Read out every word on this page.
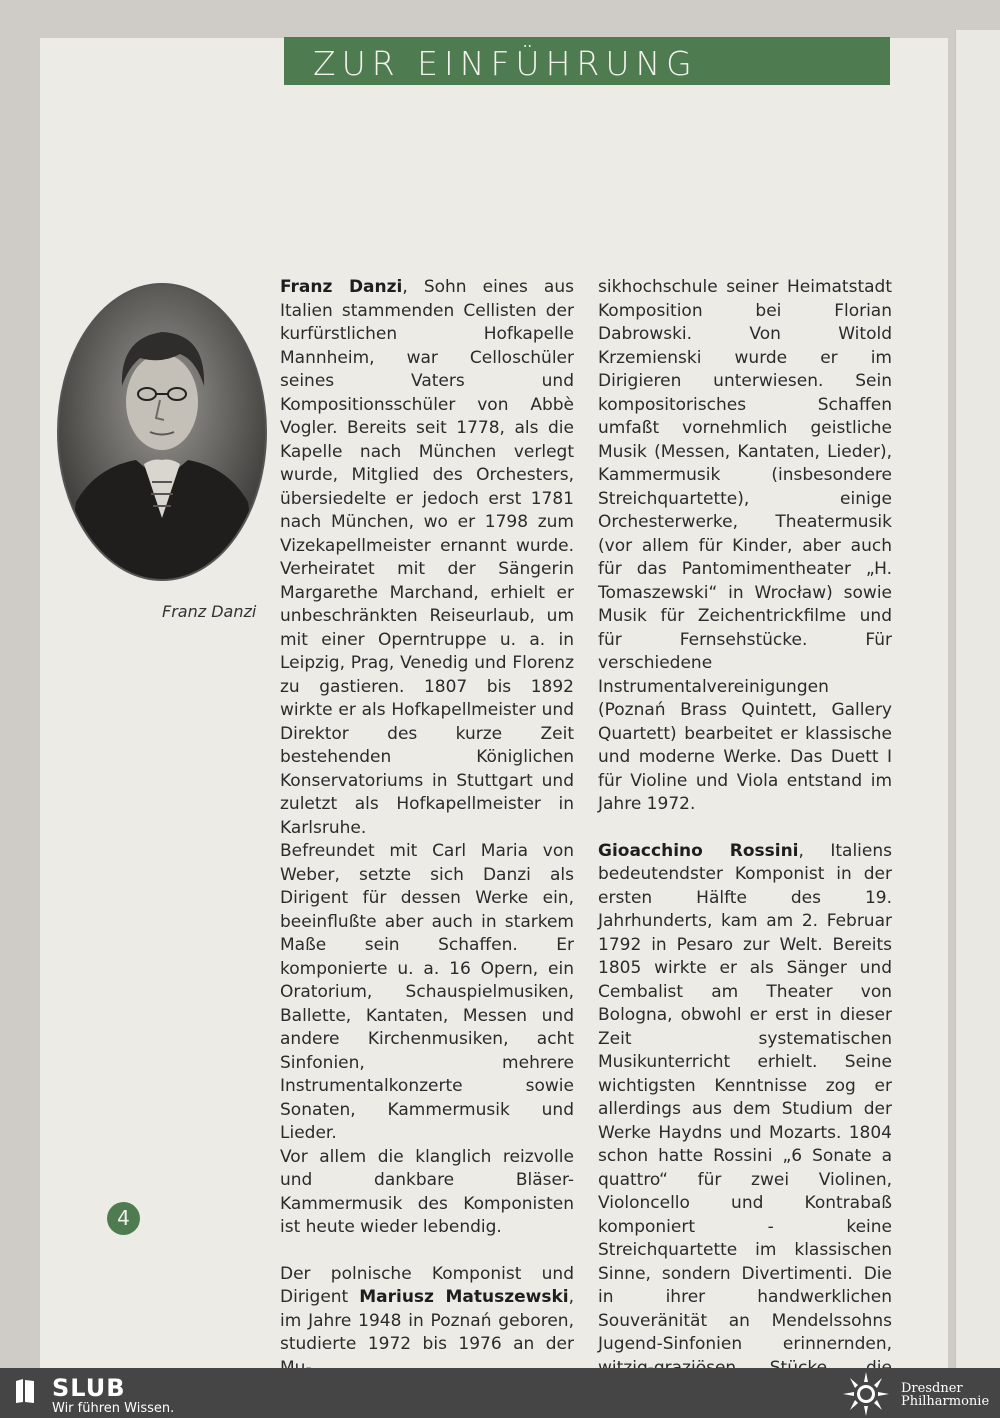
ZUR EINFÜHRUNG
Franz Danzi

Franz Danzi, Sohn eines aus Italien stammenden Cellisten der kurfürstlichen Hofkapelle Mannheim, war Celloschüler seines Vaters und Kompositionsschüler von Abbè Vogler. Bereits seit 1778, als die Kapelle nach München verlegt wurde, Mitglied des Orchesters, übersiedelte er jedoch erst 1781 nach München, wo er 1798 zum Vizekapellmeister ernannt wurde. Verheiratet mit der Sängerin Margarethe Marchand, erhielt er unbeschränkten Reiseurlaub, um mit einer Operntruppe u. a. in Leipzig, Prag, Venedig und Florenz zu gastieren. 1807 bis 1892 wirkte er als Hofkapellmeister und Direktor des kurze Zeit bestehenden Königlichen Konservatoriums in Stuttgart und zuletzt als Hofkapellmeister in Karlsruhe.

Befreundet mit Carl Maria von Weber, setzte sich Danzi als Dirigent für dessen Werke ein, beeinflußte aber auch in starkem Maße sein Schaffen. Er komponierte u. a. 16 Opern, ein Oratorium, Schauspielmusiken, Ballette, Kantaten, Messen und andere Kirchenmusiken, acht Sinfonien, mehrere Instrumentalkonzerte sowie Sonaten, Kammermusik und Lieder.

Vor allem die klanglich reizvolle und dankbare Bläser-Kammermusik des Komponisten ist heute wieder lebendig.

Der polnische Komponist und Dirigent Mariusz Matuszewski, im Jahre 1948 in Poznań geboren, studierte 1972 bis 1976 an der

sikhochschule seiner Heimatstadt Komposition bei Florian Dabrowski. Von Witold Krzemienski wurde er im Dirigieren unterwiesen. Sein kompositorisches Schaffen umfaßt vornehmlich geistliche Musik (Messen, Kantaten, Lieder), Kammermusik (insbesondere Streichquartette), einige Orchesterwerke, Theatermusik (vor allem für Kinder, aber auch für das Pantomimentheater „H. Tomaszewski“ in Wrocław) sowie Musik für Zeichentrickfilme und für Fernsehstücke. Für verschiedene Instrumentalvereinigungen (Poznań Brass Quintett, Gallery Quartett) bearbeitet er klassische und moderne Werke. Das Duett I für Violine und Viola entstand im Jahre 1972.

Gioacchino Rossini, Italiens bedeutendster Komponist in der ersten Hälfte des 19. Jahrhunderts, kam am 2. Februar 1792 in Pesaro zur Welt. Bereits 1805 wirkte er als Sänger und Cembalist am Theater von Bologna, obwohl er erst in dieser Zeit systematischen Musikunterricht erhielt. Seine wichtigsten Kenntnisse zog er allerdings aus dem Studium der Werke Haydns und Mozarts. 1804 schon hatte Rossini „6 Sonate a quattro“ für zwei Violinen, Violoncello und Kontrabaß komponiert - keine Streichquartette im klassischen Sinne, sondern Divertimenti. Die in ihrer handwerklichen Souveränität an Mendelssohns Jugend-Sinfonien erinnernden,

4
SLUB
Wir führen Wissen.
Dresdner
Philharmonie
